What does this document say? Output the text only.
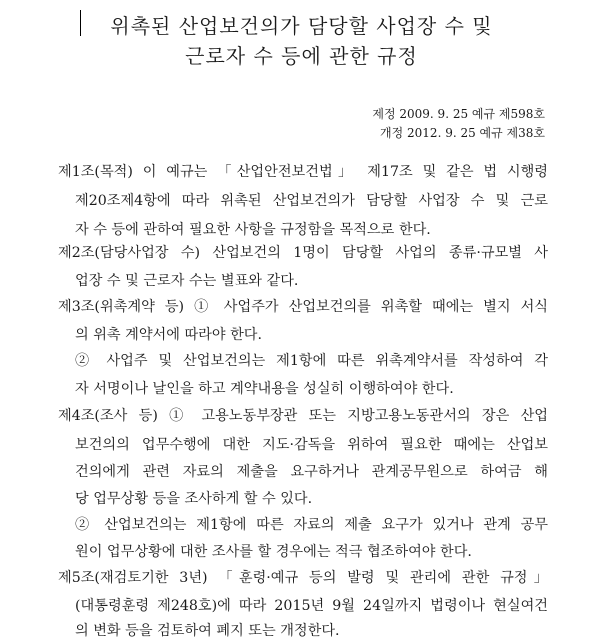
위촉된 산업보건의가 담당할 사업장 수 및
근로자 수 등에 관한 규정
제정 2009. 9. 25 예규 제598호
개정 2012. 9. 25 예규 제38호
제1조(목적) 이 예규는 「산업안전보건법」 제17조 및 같은 법 시행령
제20조제4항에 따라 위촉된 산업보건의가 담당할 사업장 수 및 근로
자 수 등에 관하여 필요한 사항을 규정함을 목적으로 한다.
제2조(담당사업장 수) 산업보건의 1명이 담당할 사업의 종류·규모별 사
업장 수 및 근로자 수는 별표와 같다.
제3조(위촉계약 등) ① 사업주가 산업보건의를 위촉할 때에는 별지 서식
의 위촉 계약서에 따라야 한다.
② 사업주 및 산업보건의는 제1항에 따른 위촉계약서를 작성하여 각
자 서명이나 날인을 하고 계약내용을 성실히 이행하여야 한다.
제4조(조사 등) ① 고용노동부장관 또는 지방고용노동관서의 장은 산업
보건의의 업무수행에 대한 지도·감독을 위하여 필요한 때에는 산업보
건의에게 관련 자료의 제출을 요구하거나 관계공무원으로 하여금 해
당 업무상황 등을 조사하게 할 수 있다.
② 산업보건의는 제1항에 따른 자료의 제출 요구가 있거나 관계 공무
원이 업무상황에 대한 조사를 할 경우에는 적극 협조하여야 한다.
제5조(재검토기한 3년) 「훈령·예규 등의 발령 및 관리에 관한 규정」
(대통령훈령 제248호)에 따라 2015년 9월 24일까지 법령이나 현실여건
의 변화 등을 검토하여 폐지 또는 개정한다.
